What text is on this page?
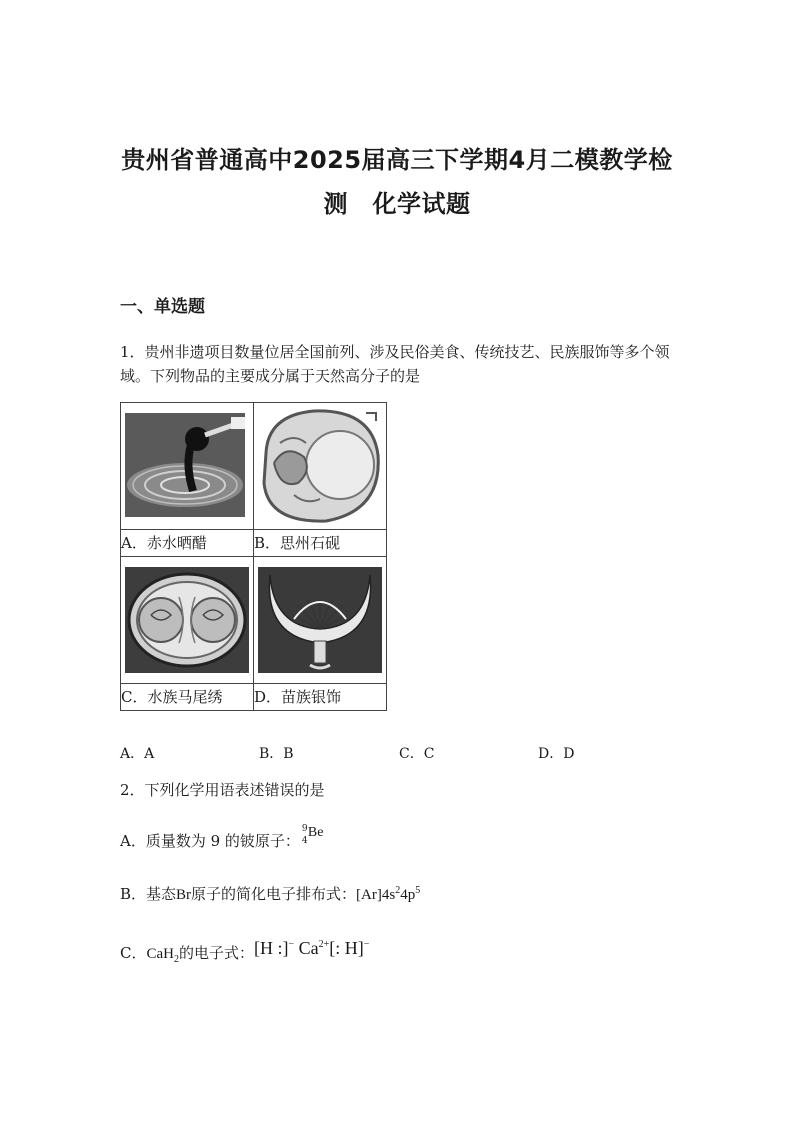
贵州省普通高中2025届高三下学期4月二模教学检
测　化学试题
一、单选题
1．贵州非遗项目数量位居全国前列、涉及民俗美食、传统技艺、民族服饰等多个领域。下列物品的主要成分属于天然高分子的是

A．赤水晒醋	B．思州石砚

C．水族马尾绣	D．苗族银饰
A．A	B．B	C．C	D．D
2．下列化学用语表述错误的是
A．质量数为 9 的铍原子：
9
4
Be
B．基态Br原子的简化电子排布式：$[Ar]4s^24p^5$
C．CaH$_2$的电子式：[H :]− $Ca^{2+}$[: H]−
